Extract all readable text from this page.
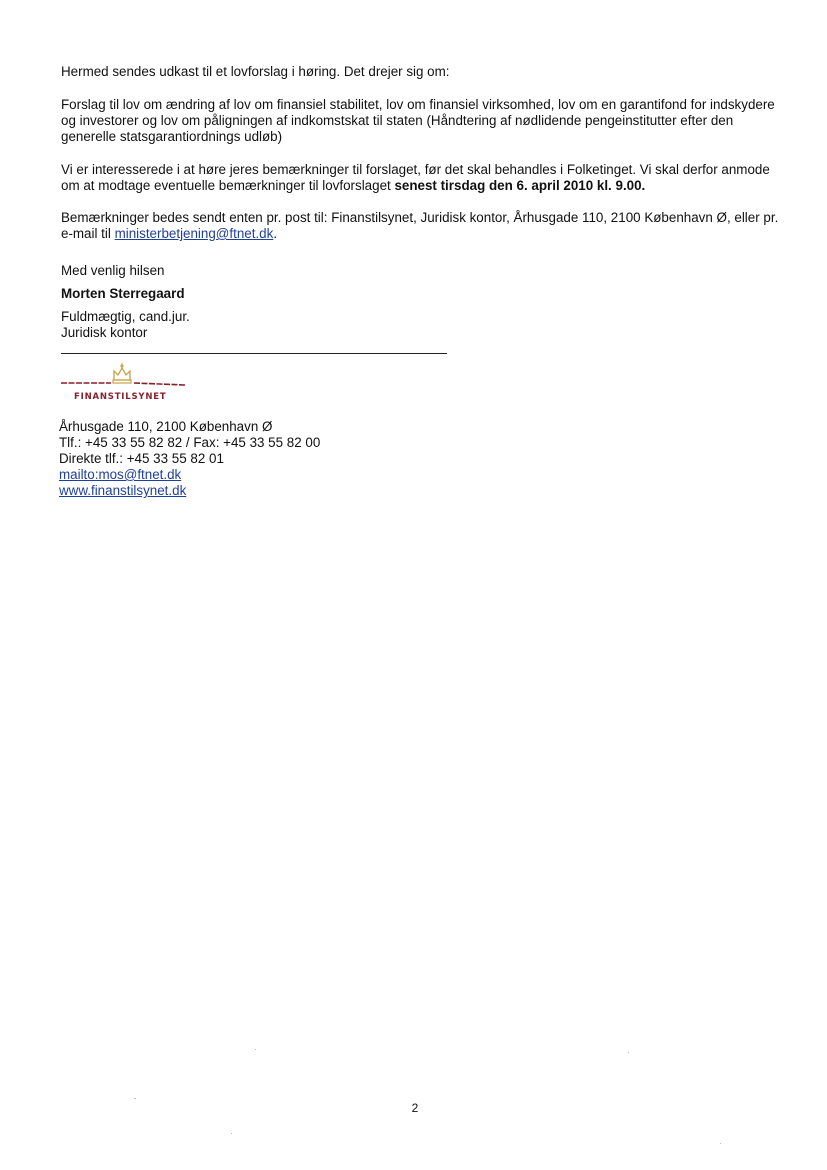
Hermed sendes udkast til et lovforslag i høring. Det drejer sig om:

Forslag til lov om ændring af lov om finansiel stabilitet, lov om finansiel virksomhed, lov om en garantifond for indskydere og investorer og lov om påligningen af indkomstskat til staten (Håndtering af nødlidende pengeinstitutter efter den generelle statsgarantiordnings udløb)

Vi er interesserede i at høre jeres bemærkninger til forslaget, før det skal behandles i Folketinget. Vi skal derfor anmode om at modtage eventuelle bemærkninger til lovforslaget senest tirsdag den 6. april 2010 kl. 9.00.

Bemærkninger bedes sendt enten pr. post til: Finanstilsynet, Juridisk kontor, Århusgade 110, 2100 København Ø, eller pr. e-mail til ministerbetjening@ftnet.dk.

Med venlig hilsen

Morten Sterregaard

Fuldmægtig, cand.jur.

Juridisk kontor

FINANSTILSYNET
Århusgade 110, 2100 København Ø
Tlf.: +45 33 55 82 82 / Fax: +45 33 55 82 00
Direkte tlf.: +45 33 55 82 01
mailto:mos@ftnet.dk
www.finanstilsynet.dk
2
